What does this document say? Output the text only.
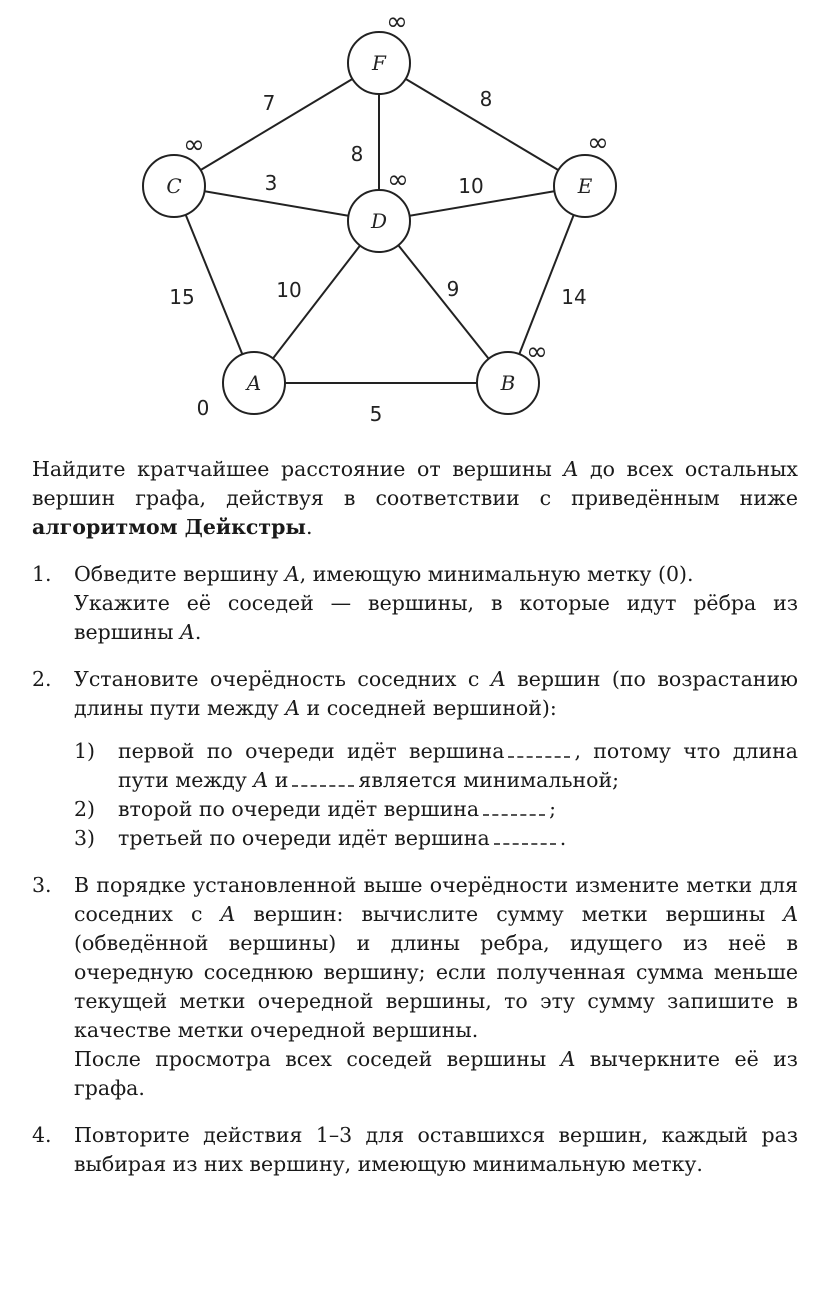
7	8
8
3	10
15	10	9	14
5
F
C
D
E
A	B
∞
∞
∞
∞
0
∞

Найдите кратчайшее расстояние от вершины A до всех остальных вершин графа, действуя в соответствии с приведённым ниже алгоритмом Дейкстры.

1.	Обведите вершину A, имеющую минимальную метку (0).

Укажите её соседей — вершины, в которые идут рёбра из вершины A.

2.	Установите очерёдность соседних с A вершин (по возрастанию длины пути между A и соседней вершиной):

1)	первой по очереди идёт вершина	, потому что длина пути между A и	является минимальной;

2)	второй по очереди идёт вершина	;

3)	третьей по очереди идёт вершина	.

3.	В порядке установленной выше очерёдности измените метки для соседних с A вершин: вычислите сумму метки вершины A (обведённой вершины) и длины ребра, идущего из неё в очередную соседнюю вершину; если полученная сумма меньше текущей метки очередной вершины, то эту сумму запишите в качестве метки очередной вершины.

После просмотра всех соседей вершины A вычеркните её из графа.

4.	Повторите действия 1–3 для оставшихся вершин, каждый раз выбирая из них вершину, имеющую минимальную метку.
